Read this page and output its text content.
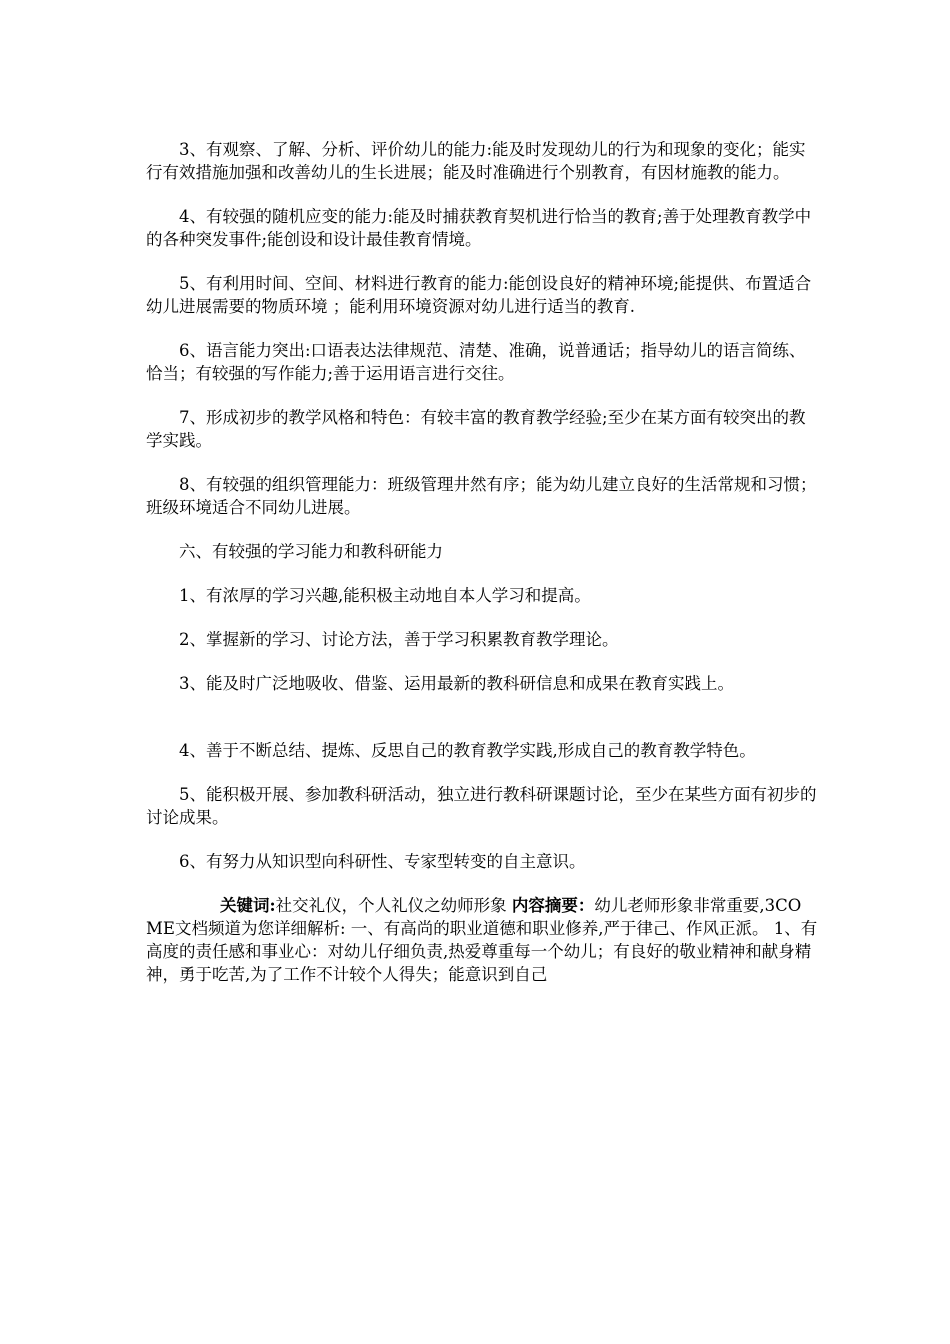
3、有观察、了解、分析、评价幼儿的能力:能及时发现幼儿的行为和现象的变化；能实行有效措施加强和改善幼儿的生长进展；能及时准确进行个别教育，有因材施教的能力。

4、有较强的随机应变的能力:能及时捕获教育契机进行恰当的教育;善于处理教育教学中的各种突发事件;能创设和设计最佳教育情境。

5、有利用时间、空间、材料进行教育的能力:能创设良好的精神环境;能提供、布置适合幼儿进展需要的物质环境 ；能利用环境资源对幼儿进行适当的教育.

6、语言能力突出:口语表达法律规范、清楚、准确，说普通话；指导幼儿的语言简练、恰当；有较强的写作能力;善于运用语言进行交往。

7、形成初步的教学风格和特色：有较丰富的教育教学经验;至少在某方面有较突出的教学实践。

8、有较强的组织管理能力：班级管理井然有序；能为幼儿建立良好的生活常规和习惯；班级环境适合不同幼儿进展。

六、有较强的学习能力和教科研能力

1、有浓厚的学习兴趣,能积极主动地自本人学习和提高。

2、掌握新的学习、讨论方法，善于学习积累教育教学理论。

3、能及时广泛地吸收、借鉴、运用最新的教科研信息和成果在教育实践上。

4、善于不断总结、提炼、反思自己的教育教学实践,形成自己的教育教学特色。

5、能积极开展、参加教科研活动，独立进行教科研课题讨论，至少在某些方面有初步的讨论成果。

6、有努力从知识型向科研性、专家型转变的自主意识。

关键词:社交礼仪，个人礼仪之幼师形象 内容摘要：幼儿老师形象非常重要,3COME文档频道为您详细解析: 一、有高尚的职业道德和职业修养,严于律己、作风正派。 1、有高度的责任感和事业心：对幼儿仔细负责,热爱尊重每一个幼儿；有良好的敬业精神和献身精神，勇于吃苦,为了工作不计较个人得失；能意识到自己
